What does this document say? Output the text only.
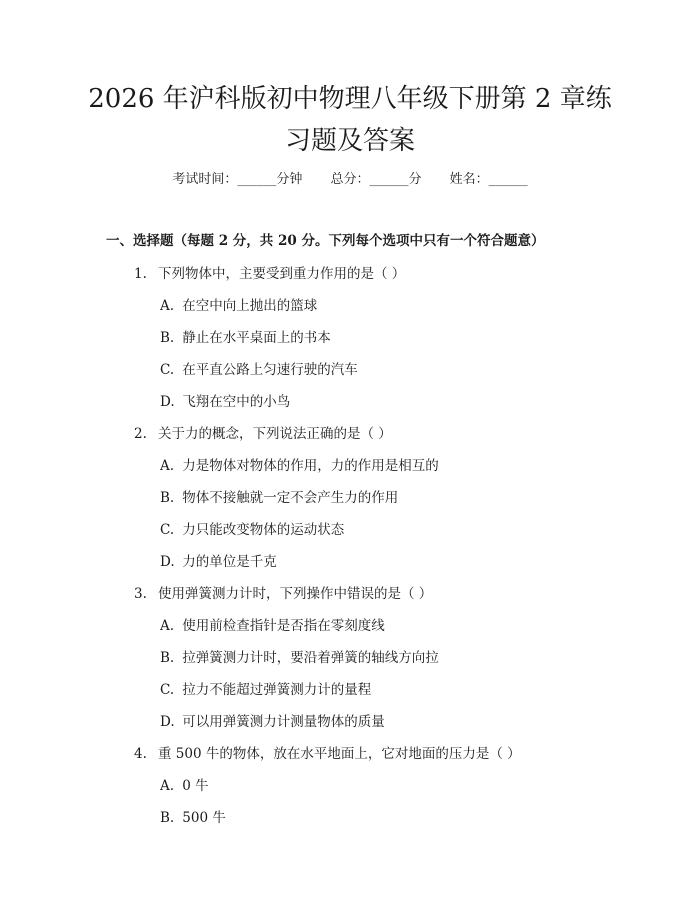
2026 年沪科版初中物理八年级下册第 2 章练
习题及答案
考试时间：______分钟 总分：______分 姓名：______
一、选择题（每题 2 分，共 20 分。下列每个选项中只有一个符合题意）
1. 下列物体中，主要受到重力作用的是（ ）
A. 在空中向上抛出的篮球
B. 静止在水平桌面上的书本
C. 在平直公路上匀速行驶的汽车
D. 飞翔在空中的小鸟
2. 关于力的概念，下列说法正确的是（ ）
A. 力是物体对物体的作用，力的作用是相互的
B. 物体不接触就一定不会产生力的作用
C. 力只能改变物体的运动状态
D. 力的单位是千克
3. 使用弹簧测力计时，下列操作中错误的是（ ）
A. 使用前检查指针是否指在零刻度线
B. 拉弹簧测力计时，要沿着弹簧的轴线方向拉
C. 拉力不能超过弹簧测力计的量程
D. 可以用弹簧测力计测量物体的质量
4. 重 500 牛的物体，放在水平地面上，它对地面的压力是（ ）
A. 0 牛
B. 500 牛
